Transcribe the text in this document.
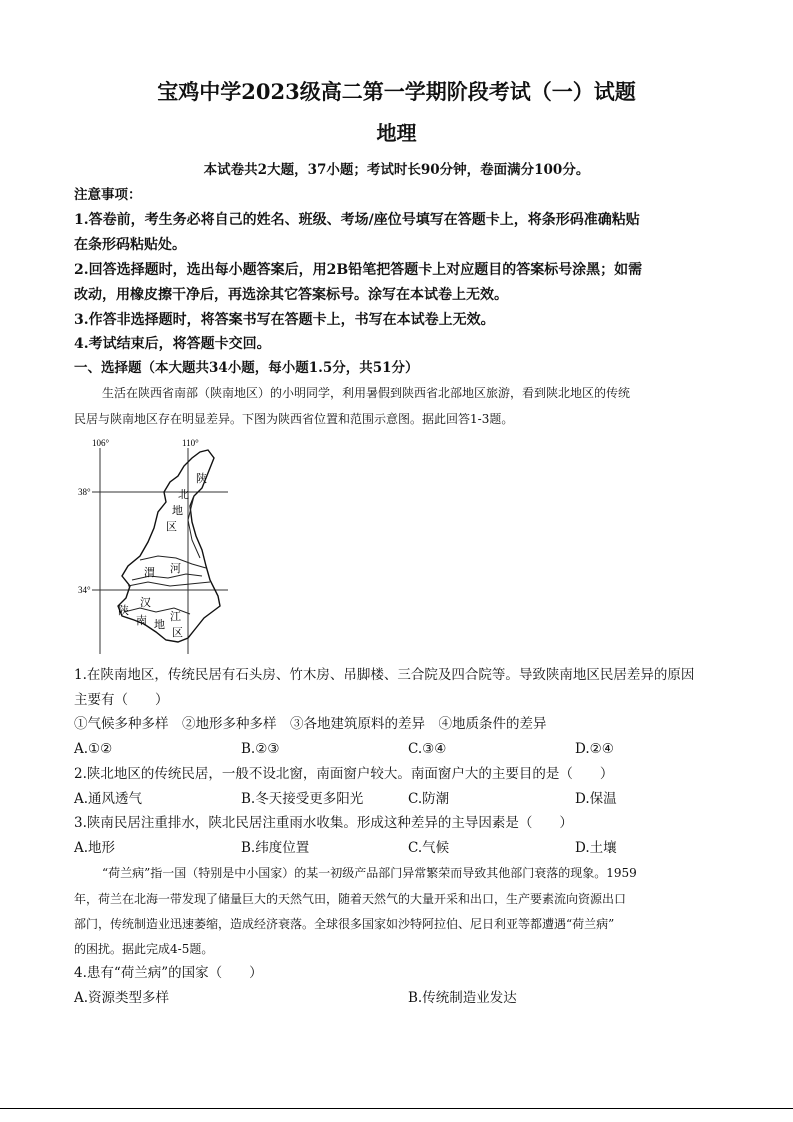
宝鸡中学2023级高二第一学期阶段考试（一）试题
地理
本试卷共2大题，37小题；考试时长90分钟，卷面满分100分。
注意事项：
1.答卷前，考生务必将自己的姓名、班级、考场/座位号填写在答题卡上，将条形码准确粘贴
在条形码粘贴处。
2.回答选择题时，选出每小题答案后，用2B铅笔把答题卡上对应题目的答案标号涂黑；如需
改动，用橡皮擦干净后，再选涂其它答案标号。涂写在本试卷上无效。
3.作答非选择题时，将答案书写在答题卡上，书写在本试卷上无效。
4.考试结束后，将答题卡交回。
一、选择题（本大题共34小题，每小题1.5分，共51分）
生活在陕西省南部（陕南地区）的小明同学，利用暑假到陕西省北部地区旅游，看到陕北地区的传统
民居与陕南地区存在明显差异。下图为陕西省位置和范围示意图。据此回答1-3题。
106°	110°
38°
34°
陕
北
地
区
渭 河
陕
汉
南 地
江
区
1.在陕南地区，传统民居有石头房、竹木房、吊脚楼、三合院及四合院等。导致陕南地区民居差异的原因
主要有（　　）
①气候多种多样　②地形多种多样　③各地建筑原料的差异　④地质条件的差异
A.①②	B.②③	C.③④	D.②④
2.陕北地区的传统民居，一般不设北窗，南面窗户较大。南面窗户大的主要目的是（　　）
A.通风透气	B.冬天接受更多阳光	C.防潮	D.保温
3.陕南民居注重排水，陕北民居注重雨水收集。形成这种差异的主导因素是（　　）
A.地形	B.纬度位置	C.气候	D.土壤
“荷兰病”指一国（特别是中小国家）的某一初级产品部门异常繁荣而导致其他部门衰落的现象。1959
年，荷兰在北海一带发现了储量巨大的天然气田，随着天然气的大量开采和出口，生产要素流向资源出口
部门，传统制造业迅速萎缩，造成经济衰落。全球很多国家如沙特阿拉伯、尼日利亚等都遭遇“荷兰病”
的困扰。据此完成4-5题。
4.患有“荷兰病”的国家（　　）
A.资源类型多样	B.传统制造业发达
